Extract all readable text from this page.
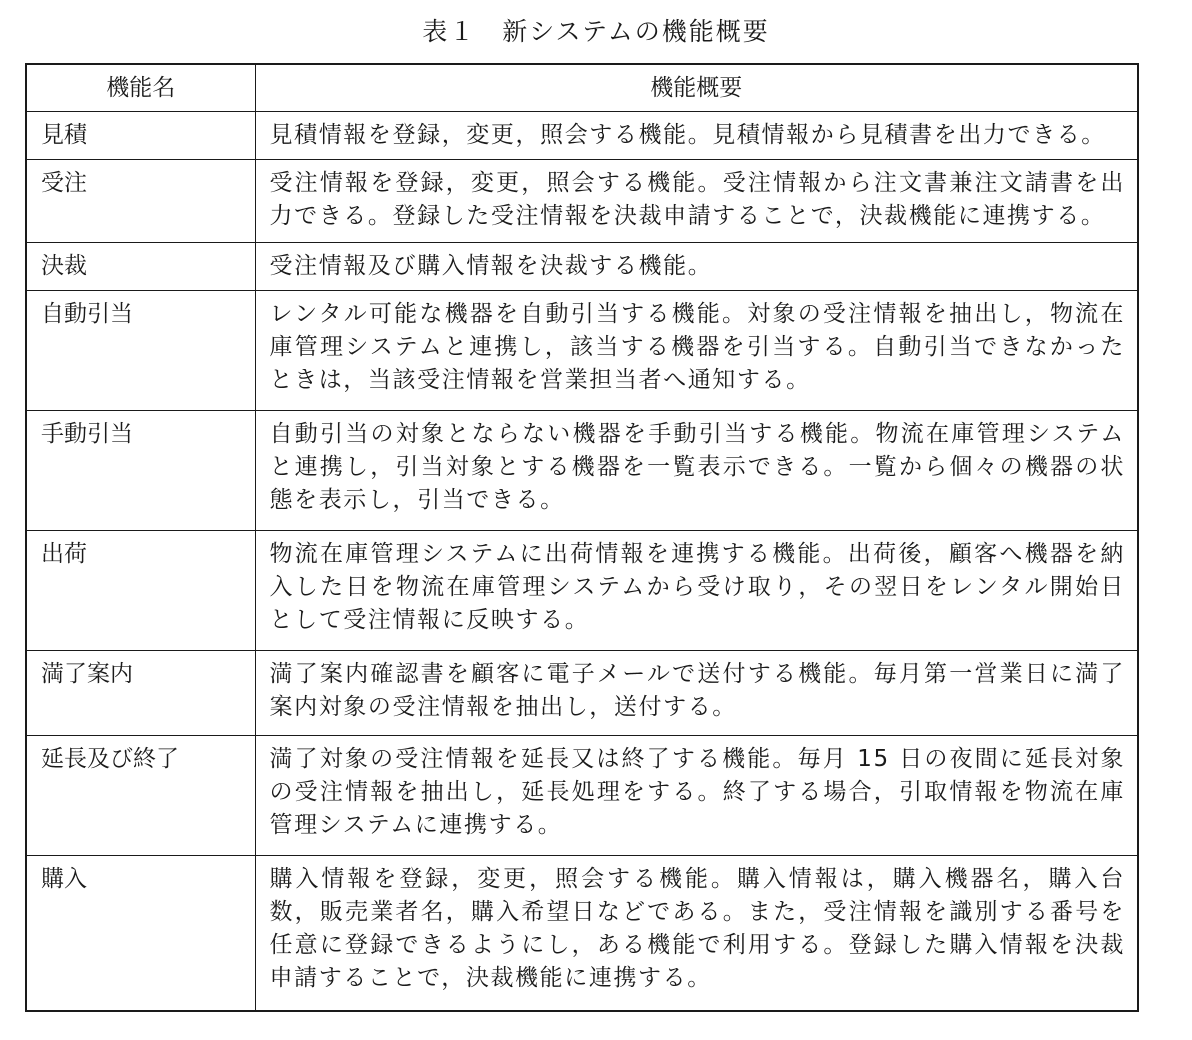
表１ 新システムの機能概要
機能名	機能概要
見積	見積情報を登録，変更，照会する機能。見積情報から見積書を出力できる。
受注	受注情報を登録，変更，照会する機能。受注情報から注文書兼注文請書を出力できる。登録した受注情報を決裁申請することで，決裁機能に連携する。
決裁	受注情報及び購入情報を決裁する機能。
自動引当	レンタル可能な機器を自動引当する機能。対象の受注情報を抽出し，物流在庫管理システムと連携し，該当する機器を引当する。自動引当できなかったときは，当該受注情報を営業担当者へ通知する。
手動引当	自動引当の対象とならない機器を手動引当する機能。物流在庫管理システムと連携し，引当対象とする機器を一覧表示できる。一覧から個々の機器の状態を表示し，引当できる。
出荷	物流在庫管理システムに出荷情報を連携する機能。出荷後，顧客へ機器を納入した日を物流在庫管理システムから受け取り，その翌日をレンタル開始日として受注情報に反映する。
満了案内	満了案内確認書を顧客に電子メールで送付する機能。毎月第一営業日に満了案内対象の受注情報を抽出し，送付する。
延長及び終了	満了対象の受注情報を延長又は終了する機能。毎月 15 日の夜間に延長対象の受注情報を抽出し，延長処理をする。終了する場合，引取情報を物流在庫管理システムに連携する。
購入	購入情報を登録，変更，照会する機能。購入情報は，購入機器名，購入台数，販売業者名，購入希望日などである。また，受注情報を識別する番号を任意に登録できるようにし，ある機能で利用する。登録した購入情報を決裁申請することで，決裁機能に連携する。
